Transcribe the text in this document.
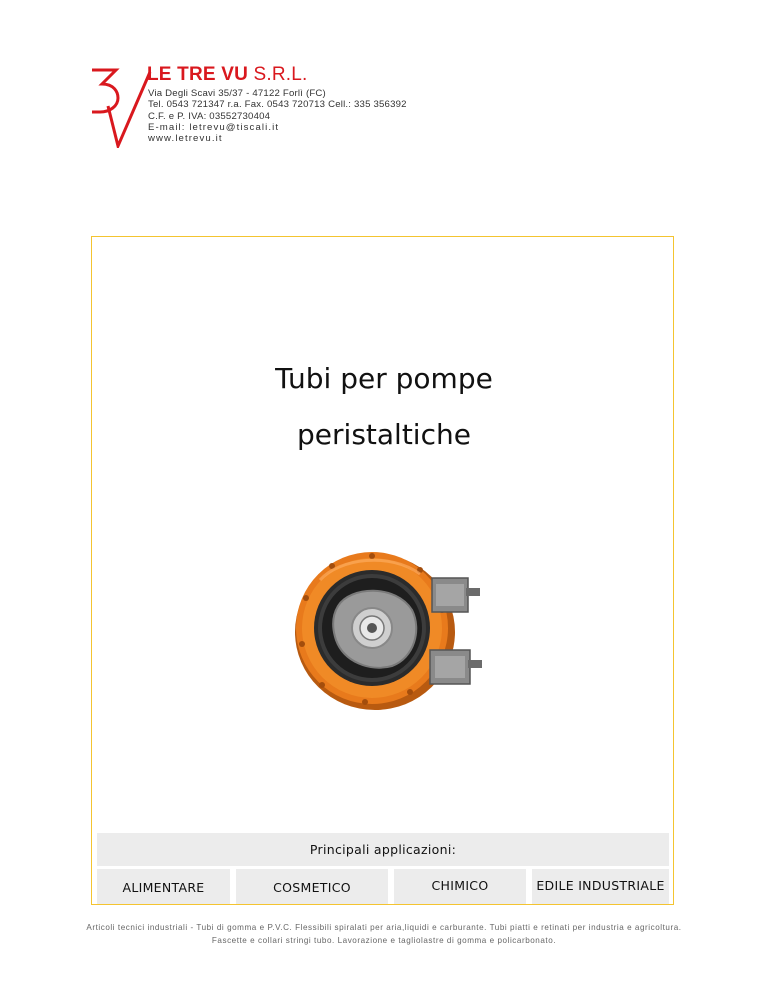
LE TRE VU S.R.L.
Via Degli Scavi 35/37 - 47122 Forlì (FC)
Tel. 0543 721347 r.a. Fax. 0543 720713 Cell.: 335 356392
C.F. e P. IVA: 03552730404
E-mail: letrevu@tiscali.it
www.letrevu.it
Tubi per pompe
peristaltiche
Principali applicazioni:
ALIMENTARE	COSMETICO	CHIMICO	EDILE INDUSTRIALE
Articoli tecnici industriali - Tubi di gomma e P.V.C. Flessibili spiralati per aria,liquidi e carburante. Tubi piatti e retinati per industria e agricoltura.
Fascette e collari stringi tubo. Lavorazione e tagliolastre di gomma e policarbonato.
